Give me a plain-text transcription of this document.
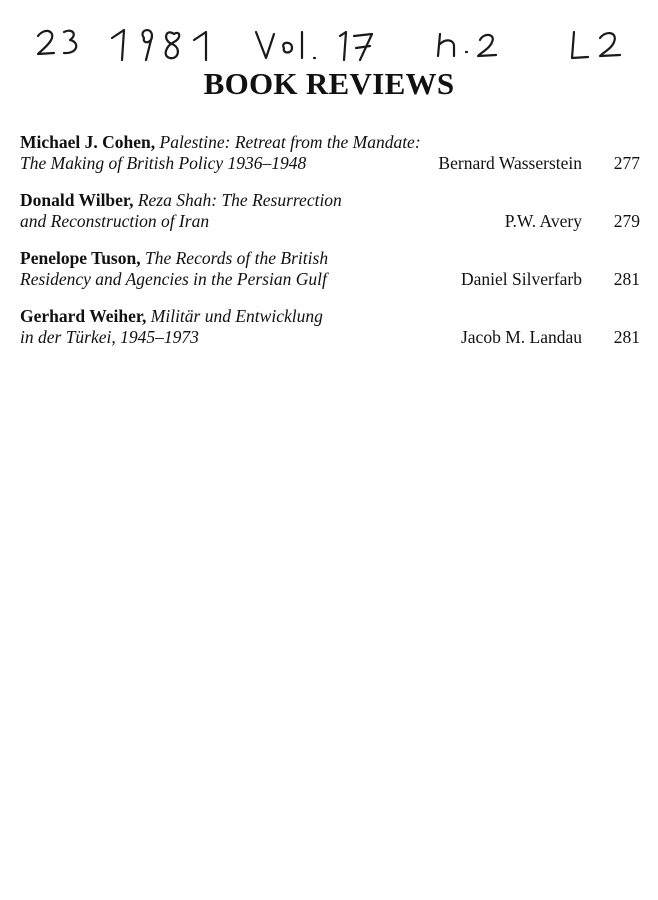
BOOK REVIEWS
Michael J. Cohen, Palestine: Retreat from the Mandate:
The Making of British Policy 1936–1948	Bernard Wasserstein 277
Donald Wilber, Reza Shah: The Resurrection
and Reconstruction of Iran	P.W. Avery 279
Penelope Tuson, The Records of the British
Residency and Agencies in the Persian Gulf	Daniel Silverfarb 281
Gerhard Weiher, Militär und Entwicklung
in der Türkei, 1945–1973	Jacob M. Landau 281
